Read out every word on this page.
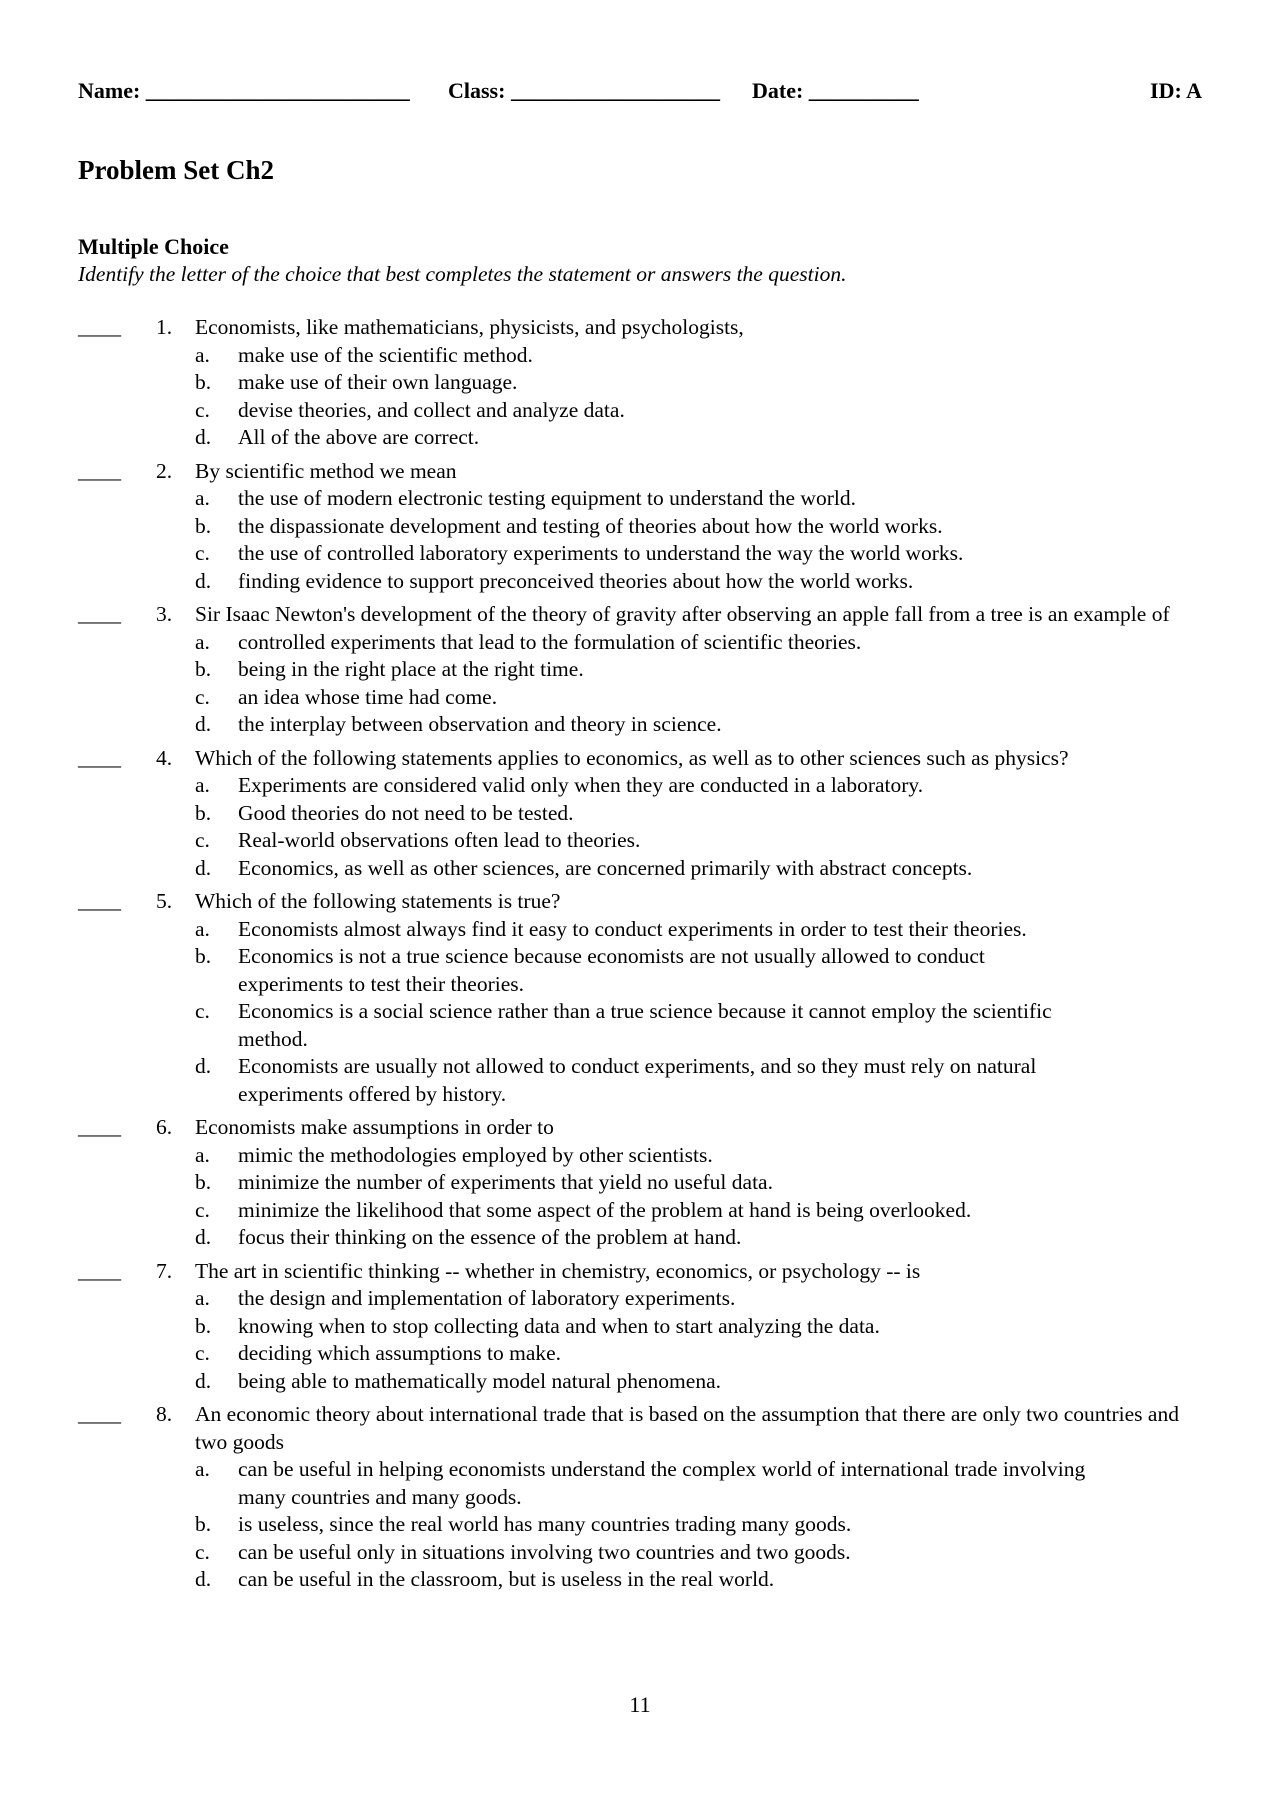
Name: ________________________ Class: ___________________ Date: __________	ID: A
Problem Set Ch2
Multiple Choice
Identify the letter of the choice that best completes the statement or answers the question.
____ 1. Economists, like mathematicians, physicists, and psychologists,
a.	make use of the scientific method.
b.	make use of their own language.
c.	devise theories, and collect and analyze data.
d.	All of the above are correct.
____ 2. By scientific method we mean
a.	the use of modern electronic testing equipment to understand the world.
b.	the dispassionate development and testing of theories about how the world works.
c.	the use of controlled laboratory experiments to understand the way the world works.
d.	finding evidence to support preconceived theories about how the world works.
____ 3. Sir Isaac Newton's development of the theory of gravity after observing an apple fall from a tree is an example of
a.	controlled experiments that lead to the formulation of scientific theories.
b.	being in the right place at the right time.
c.	an idea whose time had come.
d.	the interplay between observation and theory in science.
____ 4. Which of the following statements applies to economics, as well as to other sciences such as physics?
a.	Experiments are considered valid only when they are conducted in a laboratory.
b.	Good theories do not need to be tested.
c.	Real-world observations often lead to theories.
d.	Economics, as well as other sciences, are concerned primarily with abstract concepts.
____ 5. Which of the following statements is true?
a.	Economists almost always find it easy to conduct experiments in order to test their theories.
b.	Economics is not a true science because economists are not usually allowed to conduct experiments to test their theories.
c.	Economics is a social science rather than a true science because it cannot employ the scientific method.
d.	Economists are usually not allowed to conduct experiments, and so they must rely on natural experiments offered by history.
____ 6. Economists make assumptions in order to
a.	mimic the methodologies employed by other scientists.
b.	minimize the number of experiments that yield no useful data.
c.	minimize the likelihood that some aspect of the problem at hand is being overlooked.
d.	focus their thinking on the essence of the problem at hand.
____ 7. The art in scientific thinking -- whether in chemistry, economics, or psychology -- is
a.	the design and implementation of laboratory experiments.
b.	knowing when to stop collecting data and when to start analyzing the data.
c.	deciding which assumptions to make.
d.	being able to mathematically model natural phenomena.
____ 8. An economic theory about international trade that is based on the assumption that there are only two countries and two goods
a.	can be useful in helping economists understand the complex world of international trade involving many countries and many goods.
b.	is useless, since the real world has many countries trading many goods.
c.	can be useful only in situations involving two countries and two goods.
d.	can be useful in the classroom, but is useless in the real world.
11
